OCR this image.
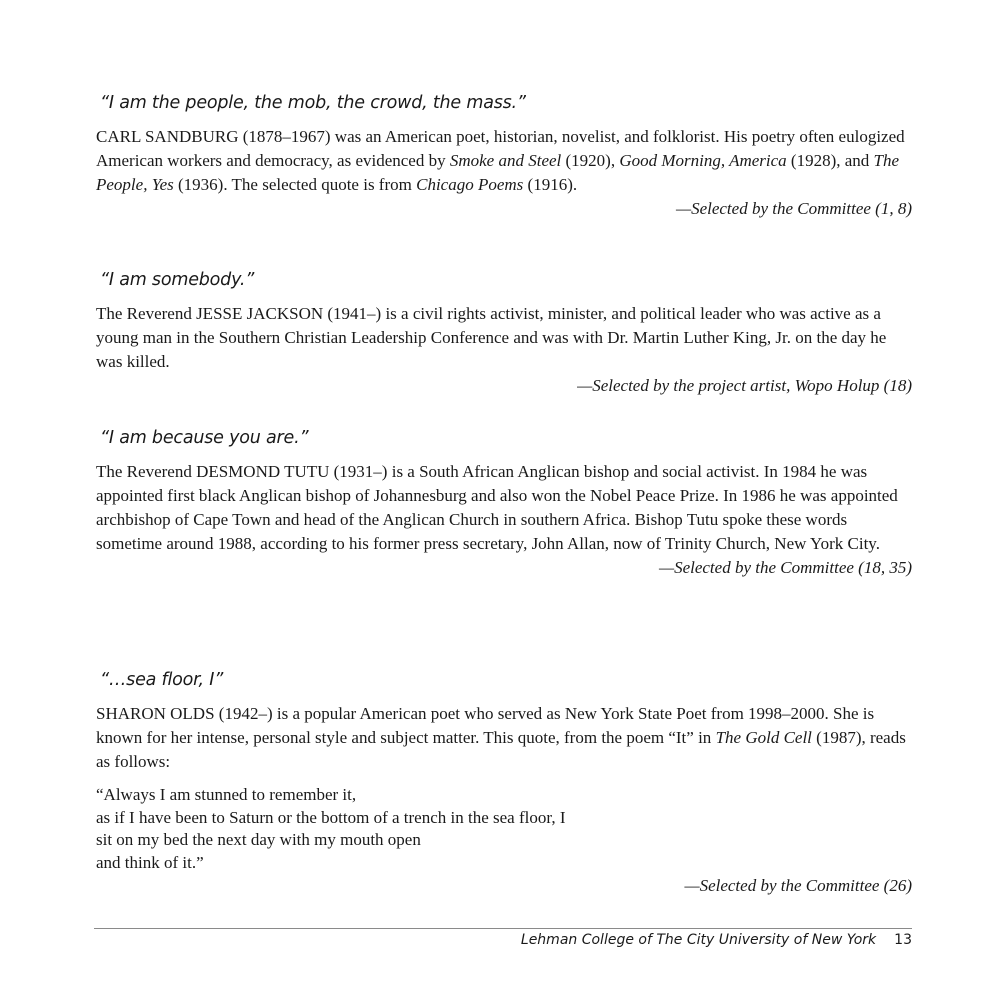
“I am the people, the mob, the crowd, the mass.”

CARL SANDBURG (1878–1967) was an American poet, historian, novelist, and folklorist. His poetry often eulogized American workers and democracy, as evidenced by Smoke and Steel (1920), Good Morning, America (1928), and The People, Yes (1936). The selected quote is from Chicago Poems (1916).

—Selected by the Committee (1, 8)

“I am somebody.”

The Reverend JESSE JACKSON (1941–) is a civil rights activist, minister, and political leader who was active as a young man in the Southern Christian Leadership Conference and was with Dr. Martin Luther King, Jr. on the day he was killed.

—Selected by the project artist, Wopo Holup (18)

“I am because you are.”

The Reverend DESMOND TUTU (1931–) is a South African Anglican bishop and social activist. In 1984 he was appointed first black Anglican bishop of Johannesburg and also won the Nobel Peace Prize. In 1986 he was appointed archbishop of Cape Town and head of the Anglican Church in southern Africa. Bishop Tutu spoke these words sometime around 1988, according to his former press secretary, John Allan, now of Trinity Church, New York City.

—Selected by the Committee (18, 35)

“…sea floor, I”

SHARON OLDS (1942–) is a popular American poet who served as New York State Poet from 1998–2000. She is known for her intense, personal style and subject matter. This quote, from the poem “It” in The Gold Cell (1987), reads as follows:

“Always I am stunned to remember it,
as if I have been to Saturn or the bottom of a trench in the sea floor, I
sit on my bed the next day with my mouth open
and think of it.”

—Selected by the Committee (26)

Lehman College of The City University of New York 13
